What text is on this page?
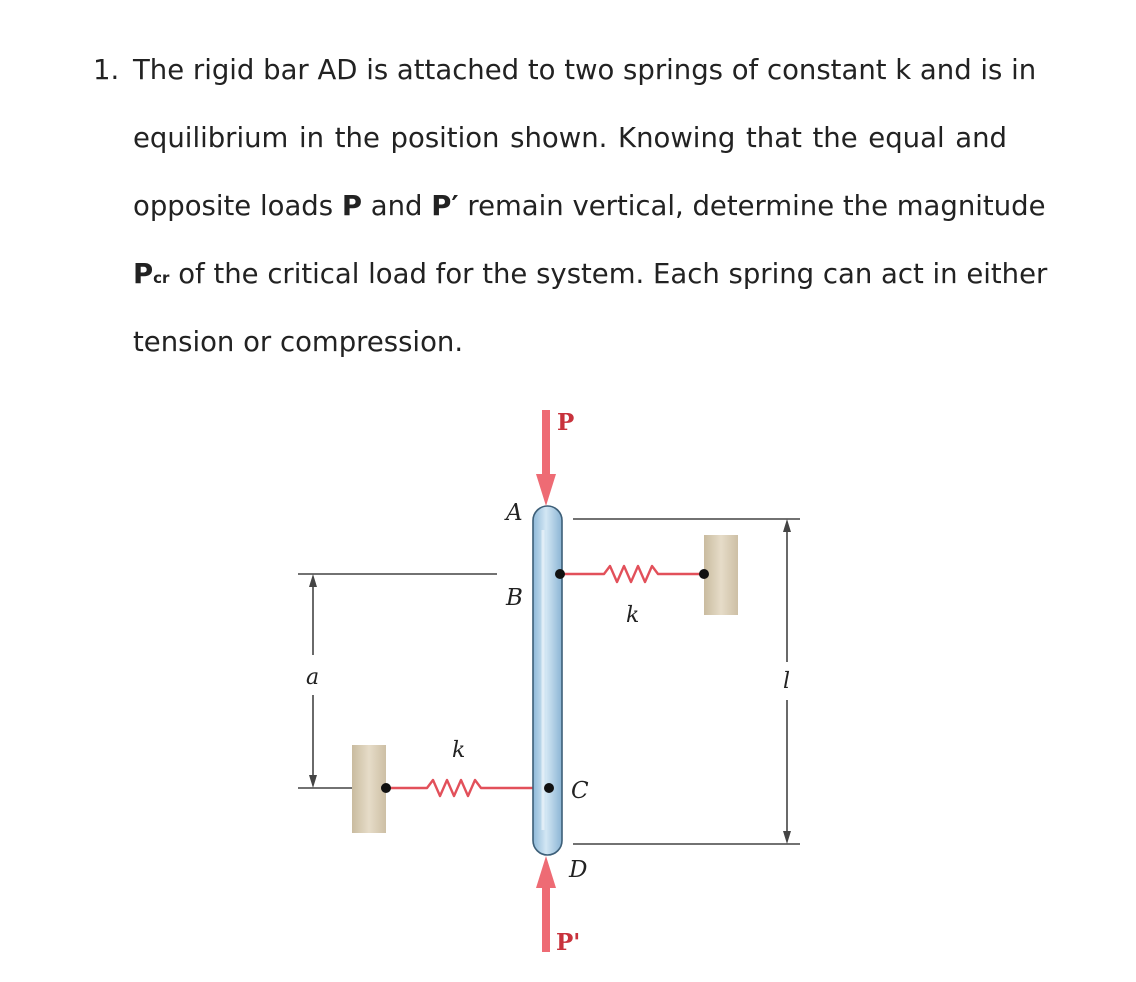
1. The rigid bar AD is attached to two springs of constant k and is in
equilibrium in the position shown. Knowing that the equal and
opposite loads P and P′ remain vertical, determine the magnitude
Pcr of the critical load for the system. Each spring can act in either
tension or compression.
P
P'
A
B
C
D
k
k
a	l
